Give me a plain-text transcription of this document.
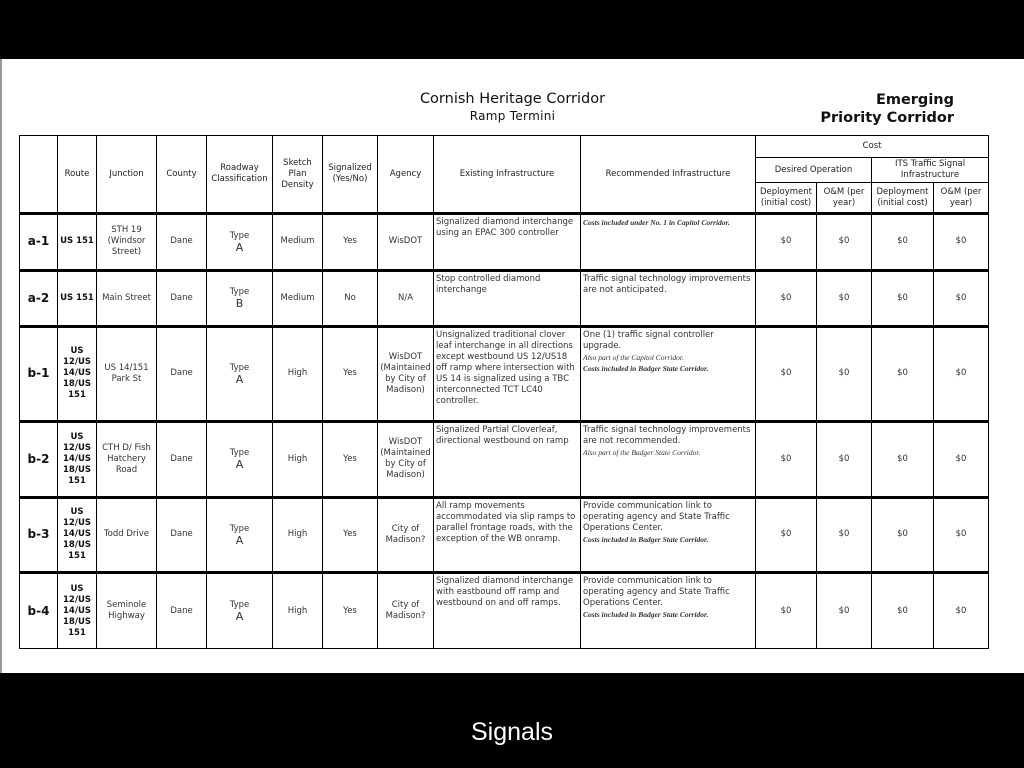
Cornish Heritage Corridor
Ramp Termini
Emerging
Priority Corridor
	Route	Junction	County	Roadway Classification	Sketch Plan Density	Signalized (Yes/No)	Agency	Existing Infrastructure	Recommended Infrastructure	Cost			
										Desired Operation		ITS Traffic Signal Infrastructure	
										Deployment (initial cost)	O&M (per year)	Deployment (initial cost)	O&M (per year)
a-1	US 151	STH 19 (Windsor Street)	Dane	Type
A	Medium	Yes	WisDOT	Signalized diamond interchange using an EPAC 300 controller	Costs included under No. 1 in Capitol Corridor.	$0	$0	$0	$0
a-2	US 151	Main Street	Dane	Type
B	Medium	No	N/A	Stop controlled diamond interchange	Traffic signal technology improvements are not anticipated.	$0	$0	$0	$0
b-1	US 12/US 14/US 18/US 151	US 14/151 Park St	Dane	Type
A	High	Yes	WisDOT (Maintained by City of Madison)	Unsignalized traditional clover leaf interchange in all directions except westbound US 12/US18 off ramp where intersection with US 14 is signalized using a TBC interconnected TCT LC40 controller.	One (1) traffic signal controller upgrade.
Also part of the Capitol Corridor.
Costs included in Badger State Corridor.	$0	$0	$0	$0
b-2	US 12/US 14/US 18/US 151	CTH D/ Fish Hatchery Road	Dane	Type
A	High	Yes	WisDOT (Maintained by City of Madison)	Signalized Partial Cloverleaf, directional westbound on ramp	Traffic signal technology improvements are not recommended.
Also part of the Badger State Corridor.	$0	$0	$0	$0
b-3	US 12/US 14/US 18/US 151	Todd Drive	Dane	Type
A	High	Yes	City of Madison?	All ramp movements accommodated via slip ramps to parallel frontage roads, with the exception of the WB onramp.	Provide communication link to operating agency and State Traffic Operations Center.
Costs included in Badger State Corridor.	$0	$0	$0	$0
b-4	US 12/US 14/US 18/US 151	Seminole Highway	Dane	Type
A	High	Yes	City of Madison?	Signalized diamond interchange with eastbound off ramp and westbound on and off ramps.	Provide communication link to operating agency and State Traffic Operations Center.
Costs included in Badger State Corridor.	$0	$0	$0	$0
Signals
